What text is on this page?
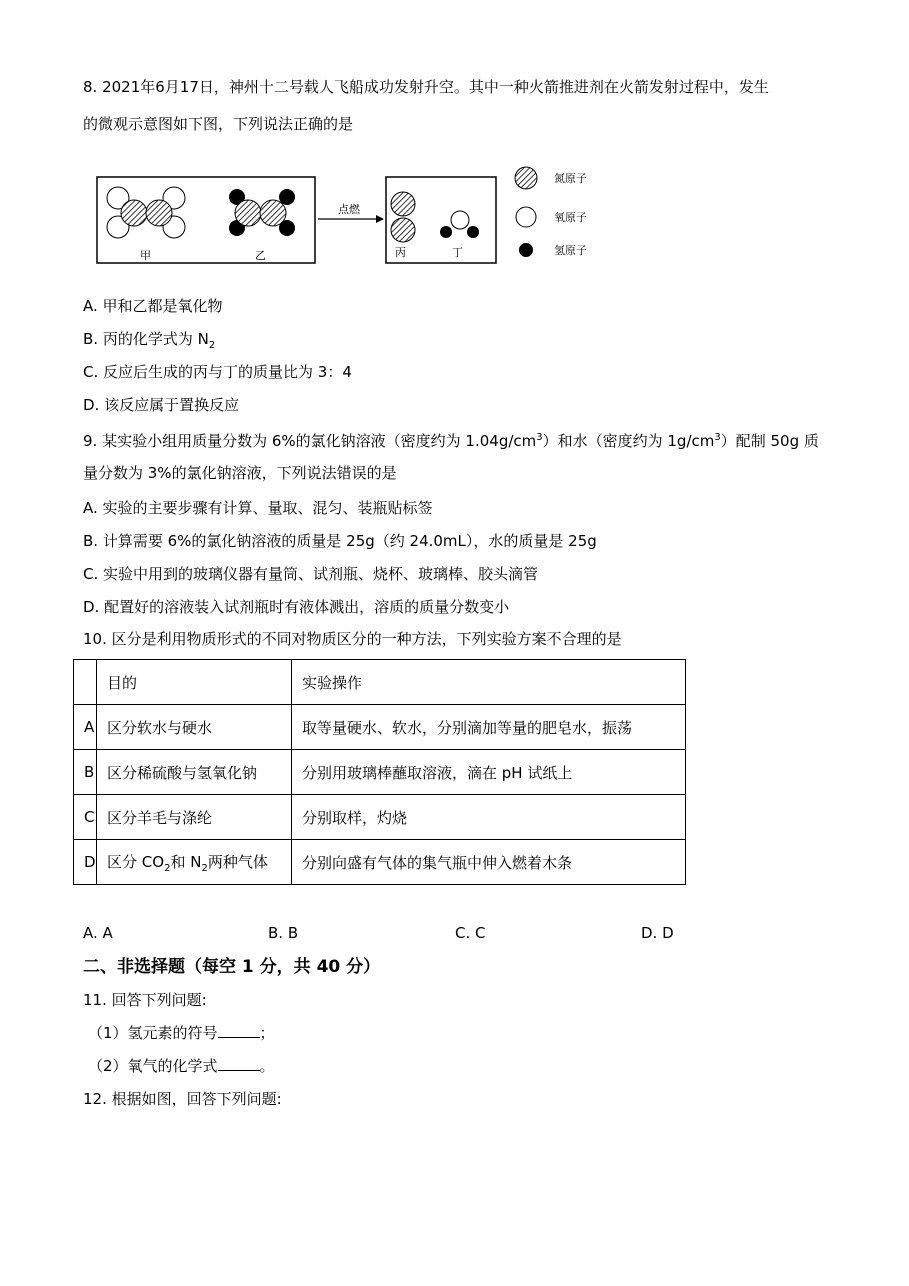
8. 2021年6月17日，神州十二号载人飞船成功发射升空。其中一种火箭推进剂在火箭发射过程中，发生
的微观示意图如下图，下列说法正确的是
甲	乙
点燃
丙	丁
氮原子
氧原子
氢原子
A. 甲和乙都是氧化物
B. 丙的化学式为 $N_2$
C. 反应后生成的丙与丁的质量比为 3：4
D. 该反应属于置换反应
9. 某实验小组用质量分数为 6%的氯化钠溶液（密度约为 $1.04g/cm^3$）和水（密度约为 $1g/cm^3$）配制 50g 质
量分数为 3%的氯化钠溶液，下列说法错误的是
A. 实验的主要步骤有计算、量取、混匀、装瓶贴标签
B. 计算需要 6%的氯化钠溶液的质量是 25g（约 24.0mL），水的质量是 25g
C. 实验中用到的玻璃仪器有量筒、试剂瓶、烧杯、玻璃棒、胶头滴管
D. 配置好的溶液装入试剂瓶时有液体溅出，溶质的质量分数变小
10. 区分是利用物质形式的不同对物质区分的一种方法，下列实验方案不合理的是
	目的	实验操作
A	区分软水与硬水	取等量硬水、软水，分别滴加等量的肥皂水，振荡
B	区分稀硫酸与氢氧化钠	分别用玻璃棒蘸取溶液，滴在 pH 试纸上
C	区分羊毛与涤纶	分别取样，灼烧
D	区分 $CO_2$和 $N_2$两种气体	分别向盛有气体的集气瓶中伸入燃着木条
A. A	B. B	C. C	D. D
二、非选择题（每空 1 分，共 40 分）
11. 回答下列问题:
（1）氢元素的符号	；
（2）氧气的化学式	。
12. 根据如图，回答下列问题:
